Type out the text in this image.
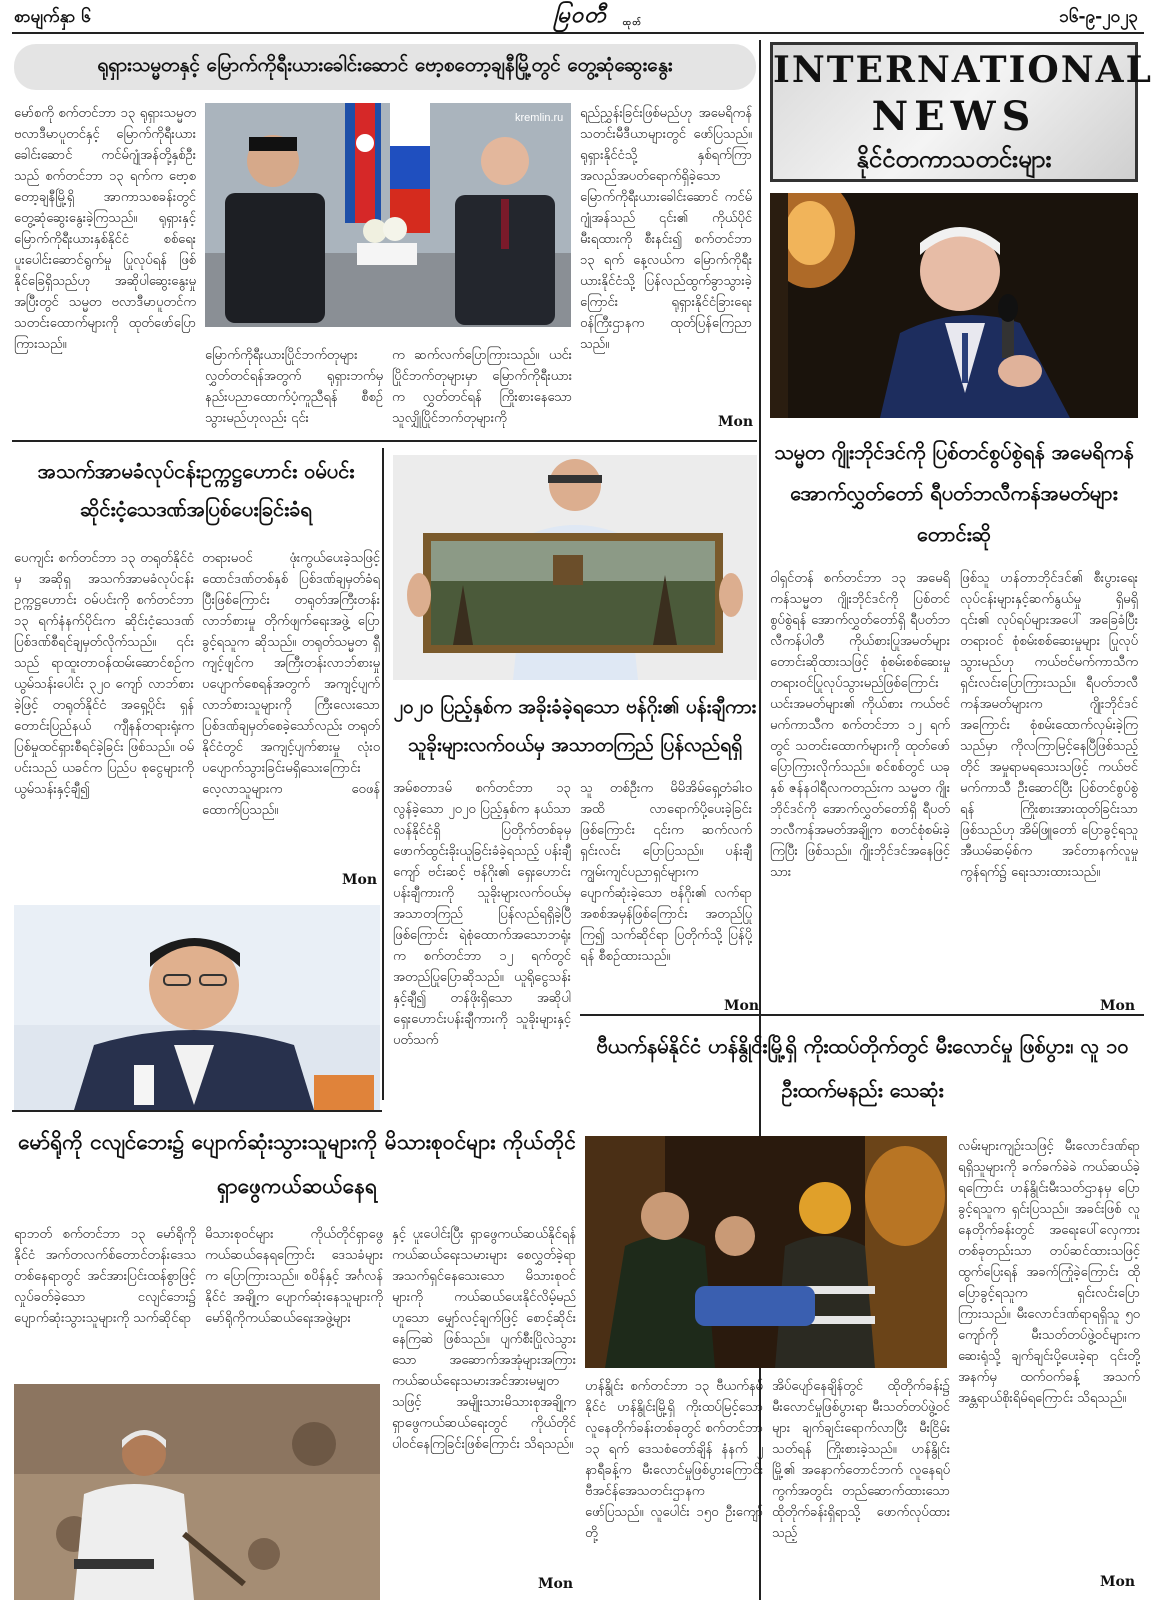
စာမျက်နှာ ၆	မြဝတီ ထုတ်	၁၆-၉-၂၀၂၃
INTERNATIONAL
NEWS
နိုင်ငံတကာသတင်းများ
ရုရှားသမ္မတနှင့် မြောက်ကိုရီးယားခေါင်းဆောင် ဗော့စတော့ချနီမြို့တွင် တွေ့ဆုံဆွေးနွေး
kremlin.ru
မော်စကို စက်တင်ဘာ ၁၃ ရုရှားသမ္မတ ဗလာဒီမာပူတင်နှင့် မြောက်ကိုရီးယားခေါင်းဆောင် ကင်မ်ဂျုံအန်တို့နှစ်ဦးသည် စက်တင်ဘာ ၁၃ ရက်က ဗော့စတော့ချနီမြို့ရှိ အာကာသစခန်းတွင် တွေ့ဆုံဆွေးနွေးခဲ့ကြသည်။ ရုရှားနှင့်မြောက်ကိုရီးယားနှစ်နိုင်ငံ စစ်ရေးပူးပေါင်းဆောင်ရွက်မှု ပြုလုပ်ရန် ဖြစ်နိုင်ခြေရှိသည်ဟု အဆိုပါဆွေးနွေးမှုအပြီးတွင် သမ္မတ ဗလာဒီမာပူတင်က သတင်းထောက်များကို ထုတ်ဖော်ပြောကြားသည်။
မြောက်ကိုရီးယားပြိုင်ဘက်တုများ လွှတ်တင်ရန်အတွက် ရုရှားဘက်မှ နည်းပညာထောက်ပံ့ကူညီရန် စီစဉ်သွားမည်ဟုလည်း ၎င်း
က ဆက်လက်ပြောကြားသည်။ ယင်းပြိုင်ဘက်တုများမှာ မြောက်ကိုရီးယားက လွှတ်တင်ရန် ကြိုးစားနေသော သူလျှိုပြိုင်ဘက်တုများကို
ရည်ညွှန်းခြင်းဖြစ်မည်ဟု အမေရိကန်သတင်းမီဒီယာများတွင် ဖော်ပြသည်။ ရုရှားနိုင်ငံသို့ နှစ်ရက်ကြာ အလည်အပတ်ရောက်ရှိခဲ့သော မြောက်ကိုရီးယားခေါင်းဆောင် ကင်မ်ဂျုံအန်သည် ၎င်း၏ ကိုယ်ပိုင်မီးရထားကို စီးနင်း၍ စက်တင်ဘာ ၁၃ ရက် နေ့လယ်က မြောက်ကိုရီးယားနိုင်ငံသို့ ပြန်လည်ထွက်ခွာသွားခဲ့ကြောင်း ရုရှားနိုင်ငံခြားရေးဝန်ကြီးဌာနက ထုတ်ပြန်ကြေညာသည်။
Mon
အသက်အာမခံလုပ်ငန်းဥက္ကဋ္ဌဟောင်း ဝမ်ပင်း ဆိုင်းငံ့သေဒဏ်အပြစ်ပေးခြင်းခံရ
ပေကျင်း စက်တင်ဘာ ၁၃ တရုတ်နိုင်ငံမှ အဆိုရှ အသက်အာမခံလုပ်ငန်းဥက္ကဋ္ဌဟောင်း ဝမ်ပင်းကို စက်တင်ဘာ ၁၃ ရက်နံနက်ပိုင်းက ဆိုင်းငံ့သေဒဏ် ပြစ်ဒဏ်စီရင်ချမှတ်လိုက်သည်။ ၎င်းသည် ရာထူးတာဝန်ထမ်းဆောင်စဉ်က ယွမ်သန်းပေါင်း ၃၂၀ ကျော် လာဘ်စားခဲ့ဖြင့် တရုတ်နိုင်ငံ အရှေ့ပိုင်း ရှန်တောင်းပြည်နယ် ကျီနန်တရားရုံးက ပြစ်မှုထင်ရှားစီရင်ခဲ့ခြင်း ဖြစ်သည်။ ဝမ်ပင်းသည် ယခင်က ပြည်ပ စုငွေများကို ယွမ်သန်းနှင့်ချီ၍
တရားမဝင် ဖုံးကွယ်ပေးခဲ့သဖြင့် ထောင်ဒဏ်တစ်နှစ် ပြစ်ဒဏ်ချမှတ်ခံရပြီးဖြစ်ကြောင်း တရုတ်အကြီးတန်းလာဘ်စားမှု တိုက်ဖျက်ရေးအဖွဲ့ ပြောခွင့်ရသူက ဆိုသည်။ တရုတ်သမ္မတ ရှီကျင့်ဖျင်က အကြီးတန်းလာဘ်စားမှု ပပျောက်စေရန်အတွက် အကျင့်ပျက်လာဘ်စားသူများကို ကြီးလေးသော ပြစ်ဒဏ်ချမှတ်စေခဲ့သော်လည်း တရုတ်နိုင်ငံတွင် အကျင့်ပျက်စားမှု လုံးဝပပျောက်သွားခြင်းမရှိသေးကြောင်း လေ့လာသူများက ဝေဖန်ထောက်ပြသည်။
Mon
၂၀၂၀ ပြည့်နှစ်က အခိုးခံခဲ့ရသော ဗန်ဂိုး၏ ပန်းချီကား သူခိုးများလက်ဝယ်မှ အသာတကြည် ပြန်လည်ရရှိ
အမ်စတာဒမ် စက်တင်ဘာ ၁၃ လွန်ခဲ့သော ၂၀၂၀ ပြည့်နှစ်က နယ်သာလန်နိုင်ငံရှိ ပြတိုက်တစ်ခုမှ ဖောက်ထွင်းခိုးယူခြင်းခံခဲ့ရသည့် ပန်းချီကျော် ဗင်းဆင့် ဗန်ဂိုး၏ ရှေးဟောင်းပန်းချီကားကို သူခိုးများလက်ဝယ်မှ အသာတကြည် ပြန်လည်ရရှိခဲ့ပြီဖြစ်ကြောင်း ရဲစုံထောက်အသောဘရုံးက စက်တင်ဘာ ၁၂ ရက်တွင် အတည်ပြုပြောဆိုသည်။ ယူရိုငွေသန်းနှင့်ချီ၍ တန်ဖိုးရှိသော အဆိုပါ ရှေးဟောင်းပန်းချီကားကို သူခိုးများနှင့်ပတ်သက်
သူ တစ်ဦးက မိမိအိမ်ရှေ့တံခါးဝ အထိ လာရောက်ပို့ပေးခဲ့ခြင်းဖြစ်ကြောင်း ၎င်းက ဆက်လက်ရှင်းလင်း ပြောပြသည်။ ပန်းချီကျွမ်းကျင်ပညာရှင်များက ပျောက်ဆုံးခဲ့သော ဗန်ဂိုး၏ လက်ရာအစစ်အမှန်ဖြစ်ကြောင်း အတည်ပြုကြ၍ သက်ဆိုင်ရာ ပြတိုက်သို့ ပြန်ပို့ရန် စီစဉ်ထားသည်။
Mon
သမ္မတ ဂျိုးဘိုင်ဒင်ကို ပြစ်တင်စွပ်စွဲရန် အမေရိကန်အောက်လွှတ်တော် ရီပတ်ဘလီကန်အမတ်များ တောင်းဆို
ဝါရှင်တန် စက်တင်ဘာ ၁၃ အမေရိကန်သမ္မတ ဂျိုးဘိုင်ဒင်ကို ပြစ်တင်စွပ်စွဲရန် အောက်လွှတ်တော်ရှိ ရီပတ်ဘလီကန်ပါတီ ကိုယ်စားပြုအမတ်များ တောင်းဆိုထားသဖြင့် စုံစမ်းစစ်ဆေးမှု တရားဝင်ပြုလုပ်သွားမည်ဖြစ်ကြောင်း ယင်းအမတ်များ၏ ကိုယ်စား ကယ်ဗင်မက်ကာသီက စက်တင်ဘာ ၁၂ ရက်တွင် သတင်းထောက်များကို ထုတ်ဖော်ပြောကြားလိုက်သည်။ စင်စစ်တွင် ယခုနှစ် ဇန်နဝါရီလကတည်းက သမ္မတ ဂျိုးဘိုင်ဒင်ကို အောက်လွှတ်တော်ရှိ ရီပတ်ဘလီကန်အမတ်အချို့က စတင်စုံစမ်းခဲ့ကြပြီး ဖြစ်သည်။ ဂျိုးဘိုင်ဒင်အနေဖြင့် သား
ဖြစ်သူ ဟန်တာဘိုင်ဒင်၏ စီးပွားရေးလုပ်ငန်းများနှင့်ဆက်နွယ်မှု ရှိမရှိ ၎င်း၏ လုပ်ရပ်များအပေါ် အခြေခံပြီး တရားဝင် စုံစမ်းစစ်ဆေးမှုများ ပြုလုပ်သွားမည်ဟု ကယ်ဗင်မက်ကာသီက ရှင်းလင်းပြောကြားသည်။ ရီပတ်ဘလီကန်အမတ်များက ဂျိုးဘိုင်ဒင်အကြောင်း စုံစမ်းထောက်လှမ်းခဲ့ကြသည်မှာ ကိုလကြာမြင့်နေပြီဖြစ်သည့်တိုင် အမှုရာမရသေးသဖြင့် ကယ်ဗင်မက်ကာသီ ဦးဆောင်ပြီး ပြစ်တင်စွပ်စွဲရန် ကြိုးစားအားထုတ်ခြင်းသာဖြစ်သည်ဟု အိမ်ဖြူတော် ပြောခွင့်ရသူ အီယမ်ဆမ့်စ်က အင်တာနက်လူမှုကွန်ရက်၌ ရေးသားထားသည်။
Mon
ဗီယက်နမ်နိုင်ငံ ဟန်နွိုင်းမြို့ရှိ ကိုးထပ်တိုက်တွင် မီးလောင်မှု ဖြစ်ပွား၊ လူ ၁၀ ဦးထက်မနည်း သေဆုံး
ဟန်နွိုင်း စက်တင်ဘာ ၁၃ ဗီယက်နမ်နိုင်ငံ ဟန်နွိုင်းမြို့ရှိ ကိုးထပ်မြင့်သော လူနေတိုက်ခန်းတစ်ခုတွင် စက်တင်ဘာ ၁၃ ရက် ဒေသစံတော်ချိန် နံနက် ၂ နာရီခန့်က မီးလောင်မှုဖြစ်ပွားကြောင်း ဗီအင်န်အေသတင်းဌာနက ဖော်ပြသည်။ လူပေါင်း ၁၅၀ ဦးကျော်တို့
အိပ်ပျော်နေချိန်တွင် ထိုတိုက်ခန်း၌ မီးလောင်မှုဖြစ်ပွားရာ မီးသတ်တပ်ဖွဲ့ဝင်များ ချက်ချင်းရောက်လာပြီး မီးငြိမ်းသတ်ရန် ကြိုးစားခဲ့သည်။ ဟန်နွိုင်းမြို့၏ အနောက်တောင်ဘက် လူနေရပ်ကွက်အတွင်း တည်ဆောက်ထားသော ထိုတိုက်ခန်းရှိရာသို့ ဖောက်လုပ်ထားသည့်
လမ်းများကျဉ်းသဖြင့် မီးလောင်ဒဏ်ရာရရှိသူများကို ခက်ခက်ခဲခဲ ကယ်ဆယ်ခဲ့ရကြောင်း ဟန်နွိုင်းမီးသတ်ဌာနမှ ပြောခွင့်ရသူက ရှင်းပြသည်။ အခင်းဖြစ် လူနေတိုက်ခန်းတွင် အရေးပေါ်လှေကားတစ်ခုတည်းသာ တပ်ဆင်ထားသဖြင့် ထွက်ပြေးရန် အခက်ကြုံခဲ့ကြောင်း ထိုပြောခွင့်ရသူက ရှင်းလင်းပြောကြားသည်။ မီးလောင်ဒဏ်ရာရရှိသူ ၅၀ ကျော်ကို မီးသတ်တပ်ဖွဲ့ဝင်များက ဆေးရုံသို့ ချက်ချင်းပို့ပေးခဲ့ရာ ၎င်းတို့အနက်မှ ထက်ဝက်ခန့် အသက်အန္တရာယ်စိုးရိမ်ရကြောင်း သိရသည်။
Mon
မော်ရိုကို ငလျင်ဘေး၌ ပျောက်ဆုံးသွားသူများကို မိသားစုဝင်များ ကိုယ်တိုင်ရှာဖွေကယ်ဆယ်နေရ
ရာဘတ် စက်တင်ဘာ ၁၃ မော်ရိုကိုနိုင်ငံ အက်တလက်စ်တောင်တန်းဒေသတစ်နေရာတွင် အင်အားပြင်းထန်စွာဖြင့် လှုပ်ခတ်ခဲ့သော ငလျင်ဘေး၌ ပျောက်ဆုံးသွားသူများကို သက်ဆိုင်ရာ
မိသားစုဝင်များ ကိုယ်တိုင်ရှာဖွေ ကယ်ဆယ်နေရကြောင်း ဒေသခံများက ပြောကြားသည်။ စပိန်နှင့် အင်္ဂလန်နိုင်ငံ အချို့က ပျောက်ဆုံးနေသူများကို မော်ရိုကိုကယ်ဆယ်ရေးအဖွဲ့များ
နှင့် ပူးပေါင်းပြီး ရှာဖွေကယ်ဆယ်နိုင်ရန် ကယ်ဆယ်ရေးသမားများ စေလွှတ်ခဲ့ရာ အသက်ရှင်နေသေးသော မိသားစုဝင်များကို ကယ်ဆယ်ပေးနိုင်လိမ့်မည်ဟူသော မျှော်လင့်ချက်ဖြင့် စောင့်ဆိုင်းနေကြဆဲ ဖြစ်သည်။ ပျက်စီးပြိုလဲသွားသော အဆောက်အအုံများအကြား ကယ်ဆယ်ရေးသမားအင်အားမမျှတသဖြင့် အမျိုးသားမိသားစုအချို့က ရှာဖွေကယ်ဆယ်ရေးတွင် ကိုယ်တိုင်ပါဝင်နေကြခြင်းဖြစ်ကြောင်း သိရသည်။
Mon
